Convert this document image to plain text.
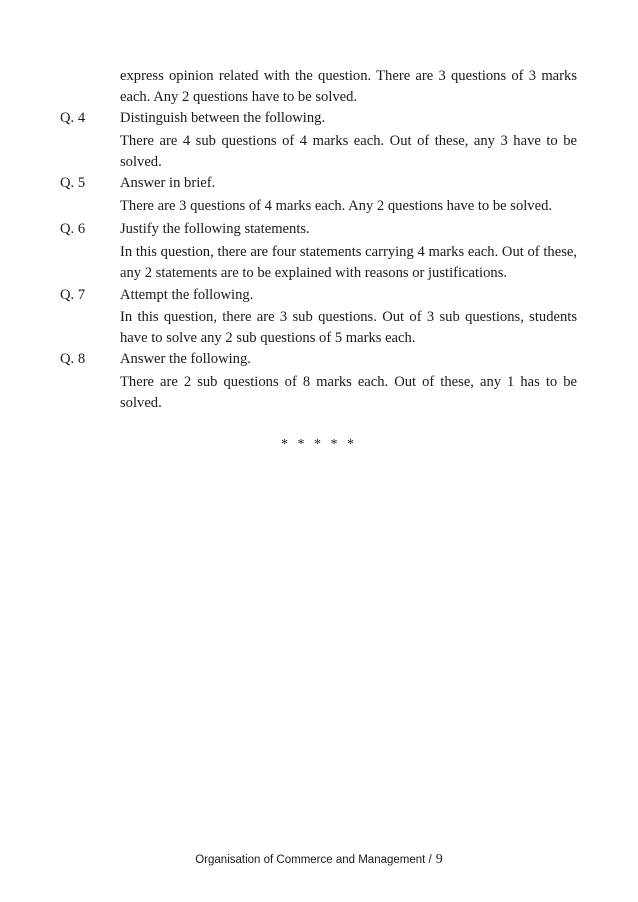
express opinion related with the question. There are 3 questions of 3 marks each. Any 2 questions have to be solved.
Q. 4 Distinguish between the following.
There are 4 sub questions of 4 marks each. Out of these, any 3 have to be solved.
Q. 5 Answer in brief.
There are 3 questions of 4 marks each. Any 2 questions have to be solved.
Q. 6 Justify the following statements.
In this question, there are four statements carrying 4 marks each. Out of these, any 2 statements are to be explained with reasons or justifications.
Q. 7 Attempt the following.
In this question, there are 3 sub questions. Out of 3 sub questions, students have to solve any 2 sub questions of 5 marks each.
Q. 8 Answer the following.
There are 2 sub questions of 8 marks each. Out of these, any 1 has to be solved.
* * * * *
Organisation of Commerce and Management / 9
